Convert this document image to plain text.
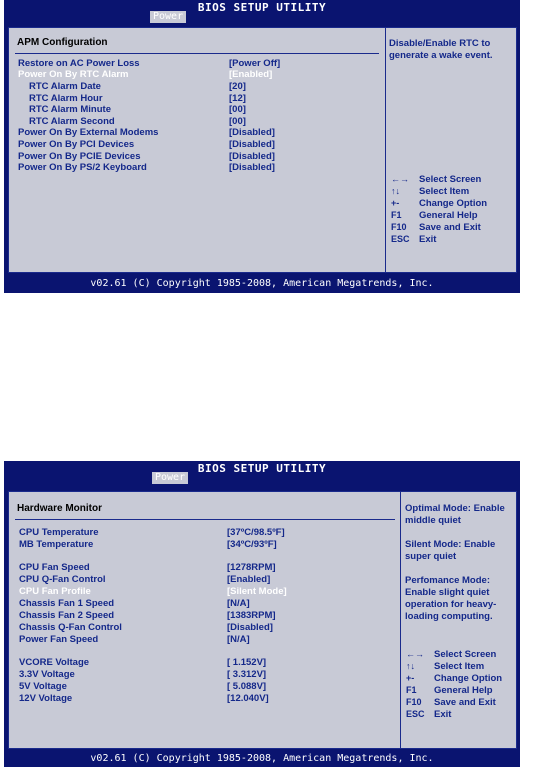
BIOS SETUP UTILITY
Power
APM Configuration
Restore on AC Power Loss	[Power Off]
Power On By RTC Alarm	[Enabled]
RTC Alarm Date	[20]
RTC Alarm Hour	[12]
RTC Alarm Minute	[00]
RTC Alarm Second	[00]
Power On By External Modems	[Disabled]
Power On By PCI Devices	[Disabled]
Power On By PCIE Devices	[Disabled]
Power On By PS/2 Keyboard	[Disabled]

Disable/Enable RTC to generate a wake event.

←→ Select Screen
↑↓ Select Item
+- Change Option
F1 General Help
F10 Save and Exit
ESC Exit
v02.61 (C) Copyright 1985-2008, American Megatrends, Inc.
BIOS SETUP UTILITY
Power
Hardware Monitor
CPU Temperature	[37ºC/98.5ºF]
MB Temperature	[34ºC/93ºF]
CPU Fan Speed	[1278RPM]
CPU Q-Fan Control	[Enabled]
CPU Fan Profile	[Silent Mode]
Chassis Fan 1 Speed	[N/A]
Chassis Fan 2 Speed	[1383RPM]
Chassis Q-Fan Control	[Disabled]
Power Fan Speed	[N/A]
VCORE Voltage	[ 1.152V]
3.3V Voltage	[ 3.312V]
5V Voltage	[ 5.088V]
12V Voltage	[12.040V]

Optimal Mode: Enable middle quiet

Silent Mode: Enable super quiet

Perfomance Mode: Enable slight quiet operation for heavy-loading computing.

←→ Select Screen
↑↓ Select Item
+- Change Option
F1 General Help
F10 Save and Exit
ESC Exit
v02.61 (C) Copyright 1985-2008, American Megatrends, Inc.
